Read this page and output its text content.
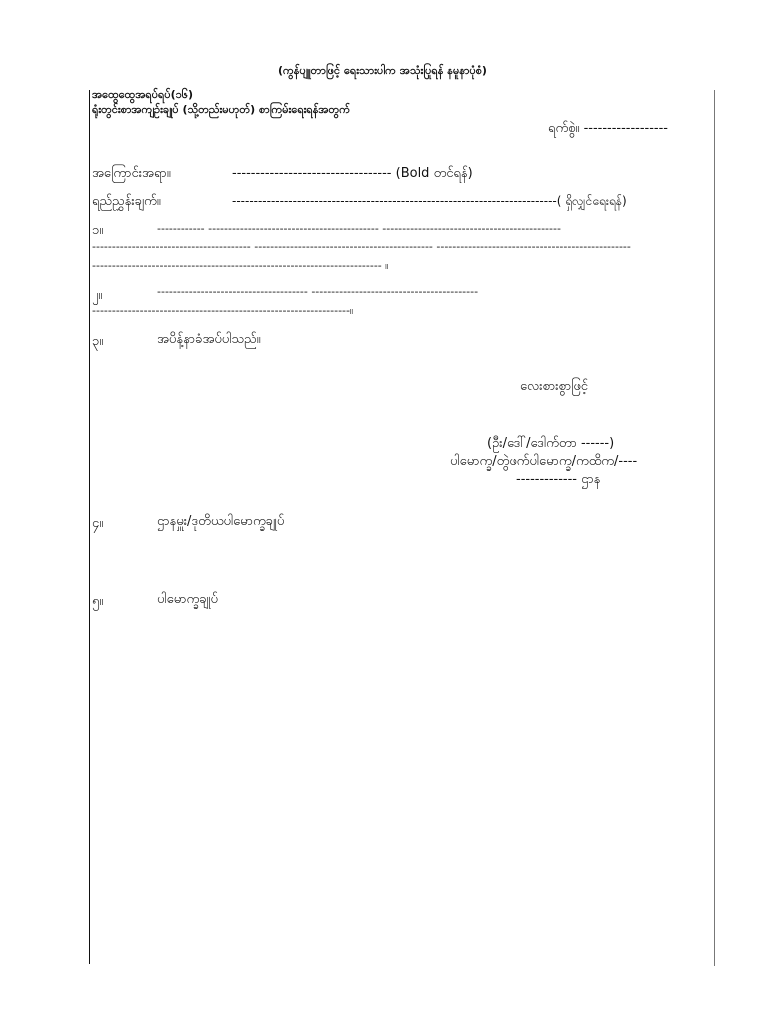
(ကွန်ပျူတာဖြင့် ရေးသားပါက အသုံးပြုရန် နမူနာပုံစံ)
အထွေထွေအရပ်ရပ်(၁၆)
ရုံးတွင်းစာအကျဉ်းချုပ် (သို့တည်းမဟုတ်) စာကြမ်းရေးရန်အတွက်
ရက်စွဲ။ ------------------
အကြောင်းအရာ။	---------------------------------- (Bold တင်ရန်)
ရည်ညွှန်းချက်။	---------------------------------------------------------------------------( ရှိလျှင်ရေးရန်)
၁။	------------ ------------------------------------------- ---------------------------------------------
---------------------------------------- --------------------------------------------- -------------------------------------------------
------------------------------------------------------------------------- ။
၂။	-------------------------------------- ------------------------------------------
-----------------------------------------------------------------။
၃။	အပိန့်နာခံအပ်ပါသည်။
လေးစားစွာဖြင့်
(ဦး/ဒေါ်/ဒေါက်တာ ------)
ပါမောက္ခ/တွဲဖက်ပါမောက္ခ/ကထိက/----
------------- ဌာန
၄။	ဌာနမှူး/ဒုတိယပါမောက္ခချုပ်
၅။	ပါမောက္ခချုပ်
